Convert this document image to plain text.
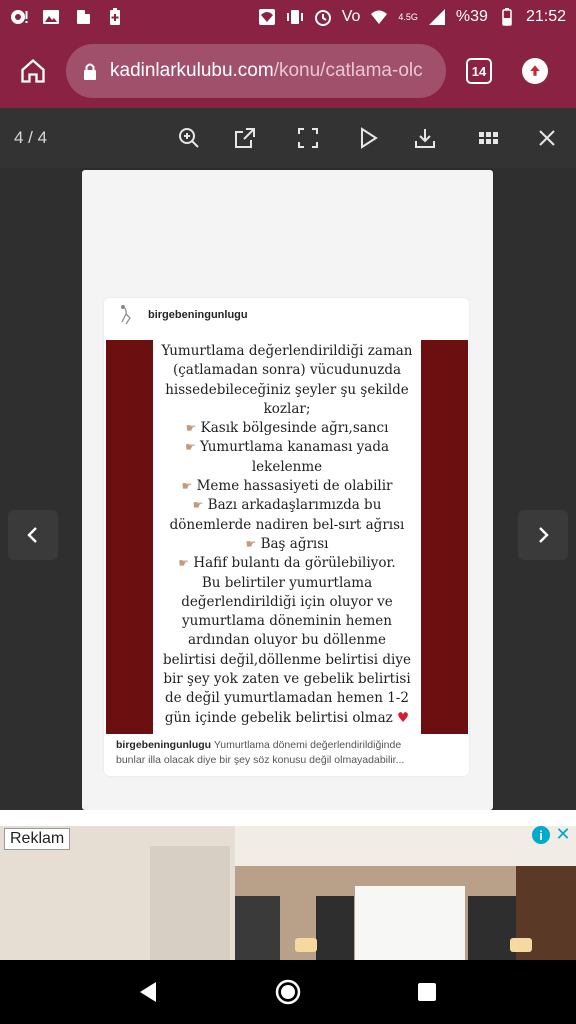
Vo	4.5G %39 21:52
kadinlarkulubu.com /konu/catlama-olc	14
4 / 4
birgebeningunlugu
Yumurtlama değerlendirildiği zaman
(çatlamadan sonra) vücudunuzda
hissedebileceğiniz şeyler şu şekilde
kozlar;
☛ Kasık bölgesinde ağrı,sancı
☛ Yumurtlama kanaması yada
lekelenme
☛ Meme hassasiyeti de olabilir
☛ Bazı arkadaşlarımızda bu
dönemlerde nadiren bel-sırt ağrısı
☛ Baş ağrısı
☛ Hafif bulantı da görülebiliyor.
Bu belirtiler yumurtlama
değerlendirildiği için oluyor ve
yumurtlama döneminin hemen
ardından oluyor bu döllenme
belirtisi değil,döllenme belirtisi diye
bir şey yok zaten ve gebelik belirtisi
de değil yumurtlamadan hemen 1-2
gün içinde gebelik belirtisi olmaz ♥
birgebeningunlugu Yumurtlama dönemi değerlendirildiğinde
bunlar illa olacak diye bir şey söz konusu değil olmayadabilir...
Reklam	i ✕
